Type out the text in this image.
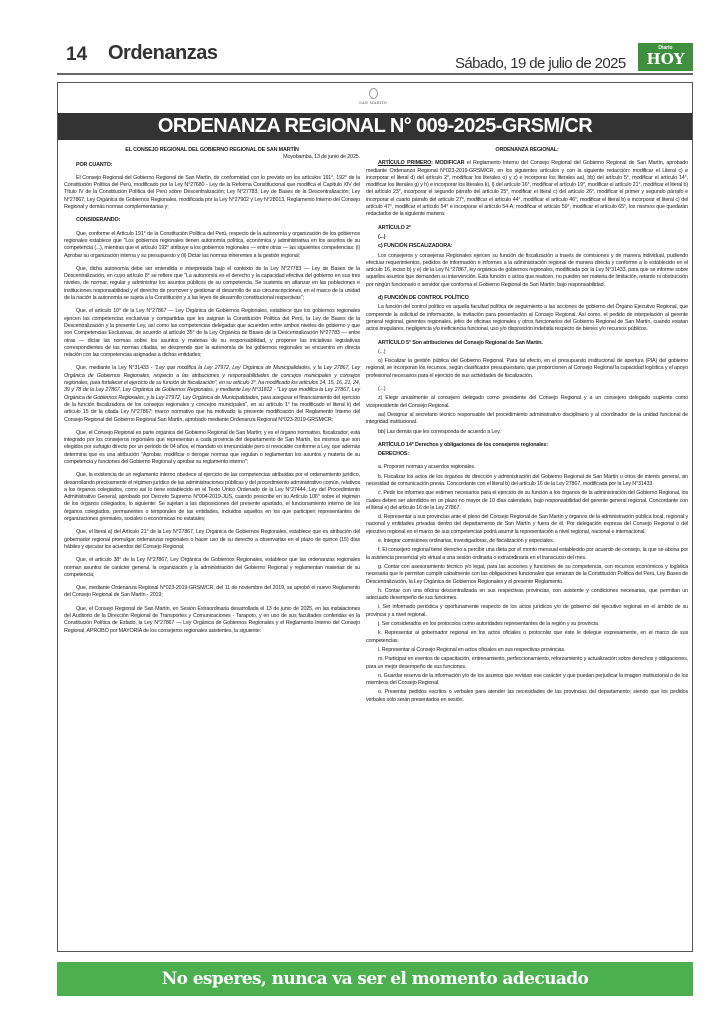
14 Ordenanzas	Sábado, 19 de julio de 2025
Diario
HOY
SAN MARTÍN
ORDENANZA REGIONAL N° 009-2025-GRSM/CR
EL CONSEJO REGIONAL DEL GOBIERNO REGIONAL DE SAN MARTÍN
Moyobamba, 13 de junio de 2025.
POR CUANTO:

El Consejo Regional del Gobierno Regional de San Martín, de conformidad con lo previsto en los artículos 191°, 192° de la Constitución Política del Perú, modificado por la Ley N°27680 - Ley de la Reforma Constitucional que modifica el Capítulo XIV del Título IV de la Constitución Política del Perú sobre Descentralización; Ley N°27783, Ley de Bases de la Descentralización; Ley N°27867, Ley Orgánica de Gobiernos Regionales, modificada por la Ley N°27902 y Ley N°28013, Reglamento Interno del Consejo Regional y demás normas complementarias y;

CONSIDERANDO:

Que, conforme el Artículo 191° de la Constitución Política del Perú, respecto de la autonomía y organización de los gobiernos regionales establece que "Los gobiernos regionales tienen autonomía política, económica y administrativa en los asuntos de su competencia (...), mientras que el artículo 192° atribuye a los gobiernos regionales — entre otras — las siguientes competencias: (i) Aprobar su organización interna y su presupuesto y (ii) Dictar las normas inherentes a la gestión regional;

Que, dicha autonomía debe ser entendida e interpretada bajo el contexto de la Ley N°27783 — Ley de Bases de la Descentralización, en cuyo artículo 8° se refiere que "La autonomía es el derecho y la capacidad efectiva del gobierno en sus tres niveles, de normar, regular y administrar los asuntos públicos de su competencia. Se sustenta en afianzar en las poblaciones e instituciones responsabilidad y el derecho de promover y gestionar el desarrollo de sus circunscripciones, en el marco de la unidad de la nación la autonomía se sujeta a la Constitución y a las leyes de desarrollo constitucional respectivas";

Que, el artículo 10° de la Ley N°27867 — Ley Orgánica de Gobiernos Regionales, establece que los gobiernos regionales ejercen las competencias exclusivas y compartidas que les asignan la Constitución Política del Perú, la Ley de Bases de la Descentralización y la presente Ley, así como las competencias delegadas que acuerden entre ambos niveles de gobierno y que son Competencias Exclusivas, de acuerdo al artículo 35° de la Ley Orgánica de Bases de la Descentralización N°27783 — entre otras — dictar las normas sobre los asuntos y materias de su responsabilidad, y proponer las iniciativas legislativas correspondientes de las normas citadas, se desprende que la autonomía de los gobiernos regionales se encuentra en directa relación con las competencias asignadas a dichas entidades;

Que, mediante la Ley N°31433 - "Ley que modifica la Ley 27972, Ley Orgánica de Municipalidades, y la Ley 27867, Ley Orgánica de Gobiernos Regionales, respecto a las atribuciones y responsabilidades de concejos municipales y consejos regionales, para fortalecer el ejercicio de su función de fiscalización", en su artículo 3°, ha modificado los artículos 14, 15, 16, 21, 24, 39 y 78 de la Ley 27867, Ley Orgánica de Gobiernos Regionales, y mediante Ley N°31812 - "Ley que modifica la Ley 27867, Ley Orgánica de Gobiernos Regionales, y la Ley 27972, Ley Orgánica de Municipalidades, para asegurar el financiamiento del ejercicio de la función fiscalizadora de los consejos regionales y concejos municipales", en su artículo 1° ha modificado el literal k) del artículo 15 de la citada Ley N°27867; marco normativo que ha motivado la presente modificación del Reglamento Interno del Consejo Regional del Gobierno Regional San Martín, aprobado mediante Ordenanza Regional N°023-2019-GRSM/CR;

Que, el Consejo Regional es parte orgánica del Gobierno Regional de San Martín; y es el órgano normativo, fiscalizador, está integrado por los consejeros regionales que representan a cada provincia del departamento de San Martín, los mismos que son elegidos por sufragio directo por un periodo de 04 años, el mandato es irrenunciable pero sí revocable conforme a Ley, que además determina que es una atribución "Aprobar, modificar o derogar normas que regulan o reglamentan los asuntos y materia de su competencia y funciones del Gobierno Regional y aprobar su reglamento interno";

Que, la existencia de un reglamento interno obedece al ejercicio de las competencias atribuidas por el ordenamiento jurídico, desarrollando precisamente el régimen jurídico de las administraciones públicas y del procedimiento administrativo común, relativos a los órganos colegiados, como así lo tiene establecido en el Texto Único Ordenado de la Ley N°27444, Ley del Procedimiento Administrativo General, aprobado por Decreto Supremo N°004-2019-JUS, cuando prescribe en su Artículo 106° sobre el régimen de los órganos colegiados, lo siguiente: Se sujetan a las disposiciones del presente apartado, el funcionamiento interno de los órganos colegiados, permanentes o temporales de las entidades, incluidos aquellos en los que participen representantes de organizaciones gremiales, sociales o económicas no estatales;

Que, el literal a) del Artículo 21° de la Ley N°27867, Ley Orgánica de Gobiernos Regionales, establece que es atribución del gobernador regional promulgar ordenanzas regionales o hacer uso de su derecho a observarlas en el plazo de quince (15) días hábiles y ejecutar los acuerdos del Consejo Regional;

Que, el artículo 38° de la Ley N°27867, Ley Orgánica de Gobiernos Regionales, establece que las ordenanzas regionales norman asuntos de carácter general, la organización y la administración del Gobierno Regional y reglamentan materias de su competencia;

Que, mediante Ordenanza Regional N°023-2019-GRSM/CR, del 11 de noviembre del 2019, se aprobó el nuevo Reglamento del Consejo Regional de San Martín - 2019;

Que, el Consejo Regional de San Martín, en Sesión Extraordinaria desarrollada el 13 de junio de 2025, en las instalaciones del Auditorio de la Dirección Regional de Transportes y Comunicaciones - Tarapoto, y en uso de sus facultades conferidas en la Constitución Política de Estado, la Ley N°27867 — Ley Orgánica de Gobiernos Regionales y el Reglamento Interno del Consejo Regional, APROBÓ por MAYORÍA de los consejeros regionales asistentes, la siguiente:

ORDENANZA REGIONAL:

ARTÍCULO PRIMERO: MODIFICAR el Reglamento Interno del Consejo Regional del Gobierno Regional de San Martín, aprobado mediante Ordenanza Regional N°023-2019-GRSM/CR, en los siguientes artículos y con la siguiente redacción: modificar el Literal c) e incorporar el literal d) del artículo 2°, modificar los literales o) y z) e incorporar los literales aa), bb) del artículo 5°, modificar el artículo 14°, modificar los literales g) y h) e incorporar los literales k), l) del artículo 16°, modificar el artículo 19°, modificar el artículo 21°, modificar el literal b) del artículo 23°, incorporar el segundo párrafo del artículo 25°, modificar el literal c) del artículo 26°, modificar el primer y segundo párrafo e incorporar el cuarto párrafo del artículo 27°, modificar el artículo 44°, modificar el artículo 46°, modificar el literal b) e incorporar el literal c) del artículo 47°, modificar el artículo 54° e incorporar el artículo 54-A; modificar el artículo 59°, modificar el artículo 65°, los mismos que quedarán redactados de la siguiente manera:

ARTÍCULO 2°
(...)
c) FUNCIÓN FISCALIZADORA:

Los consejeros y consejeras Regionales ejercen su función de fiscalización a través de comisiones y de manera individual, pudiendo efectuar requerimientos, pedidos de información e informes a la administración regional de manera directa y conforme a lo establecido en el artículo 16, inciso b) y e) de la Ley N.°27867, ley orgánica de gobiernos regionales, modificada por la Ley N°31433, para que se informe sobre aquellos asuntos que demanden su intervención. Esta función o actos que realicen, no pueden ser materia de limitación, retardo ni obstrucción por ningún funcionario o servidor que conforma el Gobierno Regional de San Martín; bajo responsabilidad.

d) FUNCIÓN DE CONTROL POLÍTICO

La función del control político es aquella facultad política de seguimiento a las acciones de gobierno del Órgano Ejecutivo Regional, que comprende la solicitud de información, la invitación para presentación al Consejo Regional. Así como, el pedido de interpelación al gerente general regional, gerentes regionales, jefes de oficinas regionales y otros funcionarios del Gobierno Regional de San Martín, cuando existan actos irregulares, negligencia y/o ineficiencia funcional, uso y/o disposición indebida respecto de bienes y/o recursos públicos.

ARTÍCULO 5° Son atribuciones del Consejo Regional de San Martín.

(...)

o) Fiscalizar la gestión pública del Gobierno Regional. Para tal efecto, en el presupuesto institucional de apertura (PIA) del gobierno regional, se incorporan los recursos, según clasificador presupuestario, que proporcionen al Consejo Regional la capacidad logística y el apoyo profesional necesarios para el ejercicio de sus actividades de fiscalización.

(...)

z) Elegir anualmente al consejero delegado como presidente del Consejo Regional y a un consejero delegado suplente como vicepresidente del Consejo Regional.

aa) Designar al secretario técnico responsable del procedimiento administrativo disciplinario y al coordinador de la unidad funcional de integridad institucional.

bb) Las demás que les corresponda de acuerdo a Ley.

ARTÍCULO 14° Derechos y obligaciones de los consejeros regionales:
DERECHOS:

a. Proponer normas y acuerdos regionales.

b. Fiscalizar los actos de los órganos de dirección y administración del Gobierno Regional de San Martín u otros de interés general, sin necesidad de comunicación previa. Concordante con el literal b) del artículo 16 de la Ley 27867, modificada por la Ley N°31433.

c. Pedir los informes que estimen necesarios para el ejercicio de su función a los órganos de la administración del Gobierno Regional, los cuales deben ser atendidos en un plazo no mayor de 10 días calendario, bajo responsabilidad del gerente general regional. Concordante con el literal e) del artículo 16 de la Ley 27867.

d. Representar a sus provincias ante el pleno del Consejo Regional de San Martín y órganos de la administración pública local, regional y nacional y entidades privadas dentro del departamento de San Martín y fuera de él. Por delegación expresa del Consejo Regional o del ejecutivo regional en el marco de sus competencias podrá asumir la representación a nivel regional, nacional e internacional.

e. Integrar comisiones ordinarias, investigadoras, de fiscalización y especiales.

f. El consejero regional tiene derecho a percibir una dieta por el monto mensual establecido por acuerdo de consejo, la que se abona por la asistencia presencial y/o virtual a una sesión ordinaria o extraordinaria en el transcurso del mes.

g. Contar con asesoramiento técnico y/o legal, para las acciones y funciones de su competencia, con recursos económicos y logística necesaria que le permitan cumplir cabalmente con las obligaciones funcionales que emanan de la Constitución Política del Perú, Ley Bases de Descentralización, la Ley Orgánica de Gobiernos Regionales y el presente Reglamento.

h. Contar con una oficina descentralizada en sus respectivas provincias, con asistente y condiciones necesarias, que permitan un adecuado desempeño de sus funciones.

i. Ser informado periódica y oportunamente respecto de los actos jurídicos y/o de gobierno del ejecutivo regional en el ámbito de su provincia y a nivel regional.

j. Ser considerados en los protocolos como autoridades representantes de la región y su provincia.

k. Representar al gobernador regional en los actos oficiales o protocolar que éste le delegue expresamente, en el marco de sus competencias.

l. Representar al Consejo Regional en actos oficiales en sus respectivas provincias.

m. Participar en eventos de capacitación, entrenamiento, perfeccionamiento, reforzamiento y actualización sobre derechos y obligaciones, para un mejor desempeño de sus funciones.

n. Guardar reserva de la información y/o de los asuntos que revistan ese carácter y que puedan perjudicar la imagen institucional o de los miembros del Consejo Regional.

o. Presentar pedidos escritos o verbales para atender las necesidades de las provincias del departamento; siendo que los pedidos verbales sólo serán presentados en sesión.

No esperes, nunca va ser el momento adecuado
